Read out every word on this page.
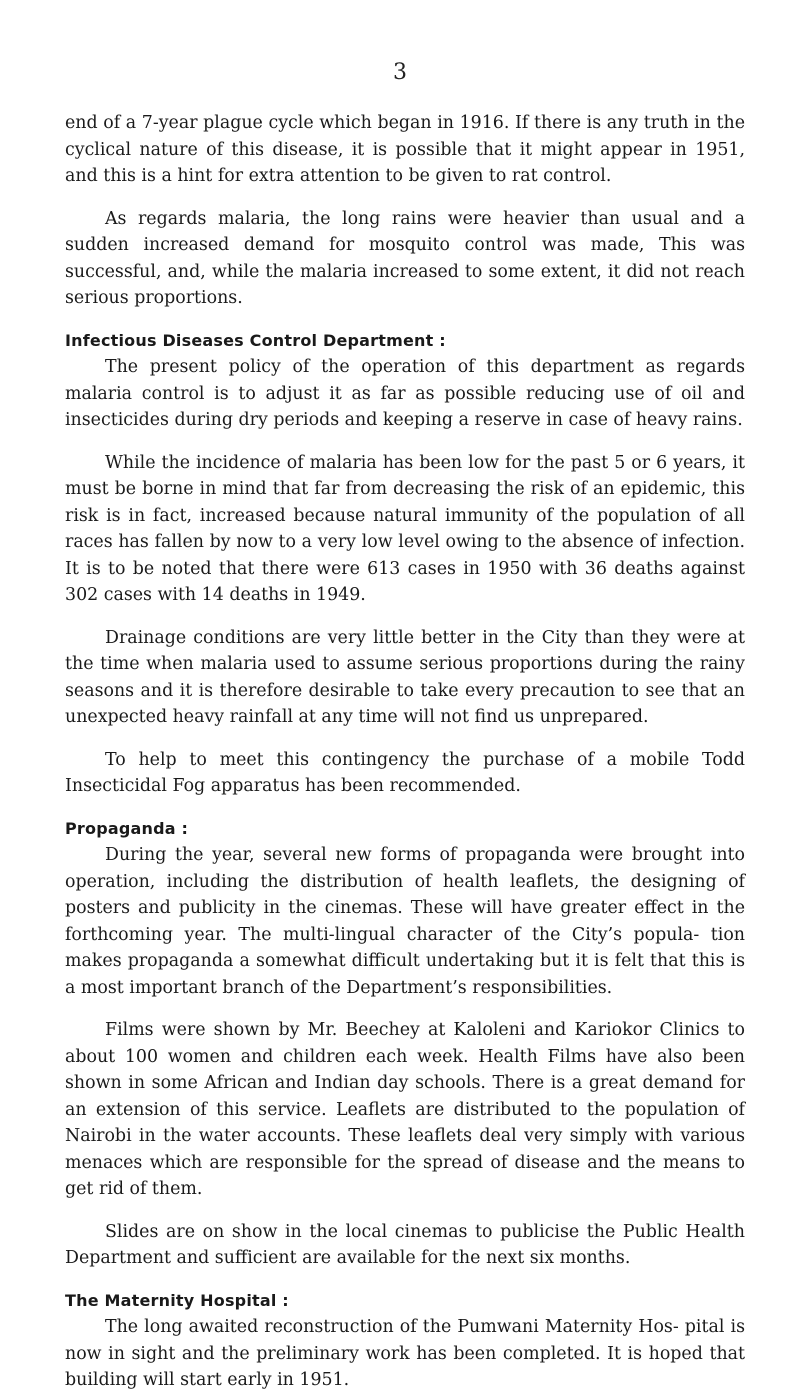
3

end of a 7-year plague cycle which began in 1916. If there is any truth in the cyclical nature of this disease, it is possible that it might appear in 1951, and this is a hint for extra attention to be given to rat control.

As regards malaria, the long rains were heavier than usual and a sudden increased demand for mosquito control was made, This was successful, and, while the malaria increased to some extent, it did not reach serious proportions.

Infectious Diseases Control Department :

The present policy of the operation of this department as regards malaria control is to adjust it as far as possible reducing use of oil and insecticides during dry periods and keeping a reserve in case of heavy rains.

While the incidence of malaria has been low for the past 5 or 6 years, it must be borne in mind that far from decreasing the risk of an epidemic, this risk is in fact, increased because natural immunity of the population of all races has fallen by now to a very low level owing to the absence of infection. It is to be noted that there were 613 cases in 1950 with 36 deaths against 302 cases with 14 deaths in 1949.

Drainage conditions are very little better in the City than they were at the time when malaria used to assume serious proportions during the rainy seasons and it is therefore desirable to take every precaution to see that an unexpected heavy rainfall at any time will not find us unprepared.

To help to meet this contingency the purchase of a mobile Todd Insecticidal Fog apparatus has been recommended.

Propaganda :

During the year, several new forms of propaganda were brought into operation, including the distribution of health leaflets, the designing of posters and publicity in the cinemas. These will have greater effect in the forthcoming year. The multi-lingual character of the City’s popula- tion makes propaganda a somewhat difficult undertaking but it is felt that this is a most important branch of the Department’s responsibilities.

Films were shown by Mr. Beechey at Kaloleni and Kariokor Clinics to about 100 women and children each week. Health Films have also been shown in some African and Indian day schools. There is a great demand for an extension of this service. Leaflets are distributed to the population of Nairobi in the water accounts. These leaflets deal very simply with various menaces which are responsible for the spread of disease and the means to get rid of them.

Slides are on show in the local cinemas to publicise the Public Health Department and sufficient are available for the next six months.

The Maternity Hospital :

The long awaited reconstruction of the Pumwani Maternity Hos- pital is now in sight and the preliminary work has been completed. It is hoped that building will start early in 1951.
